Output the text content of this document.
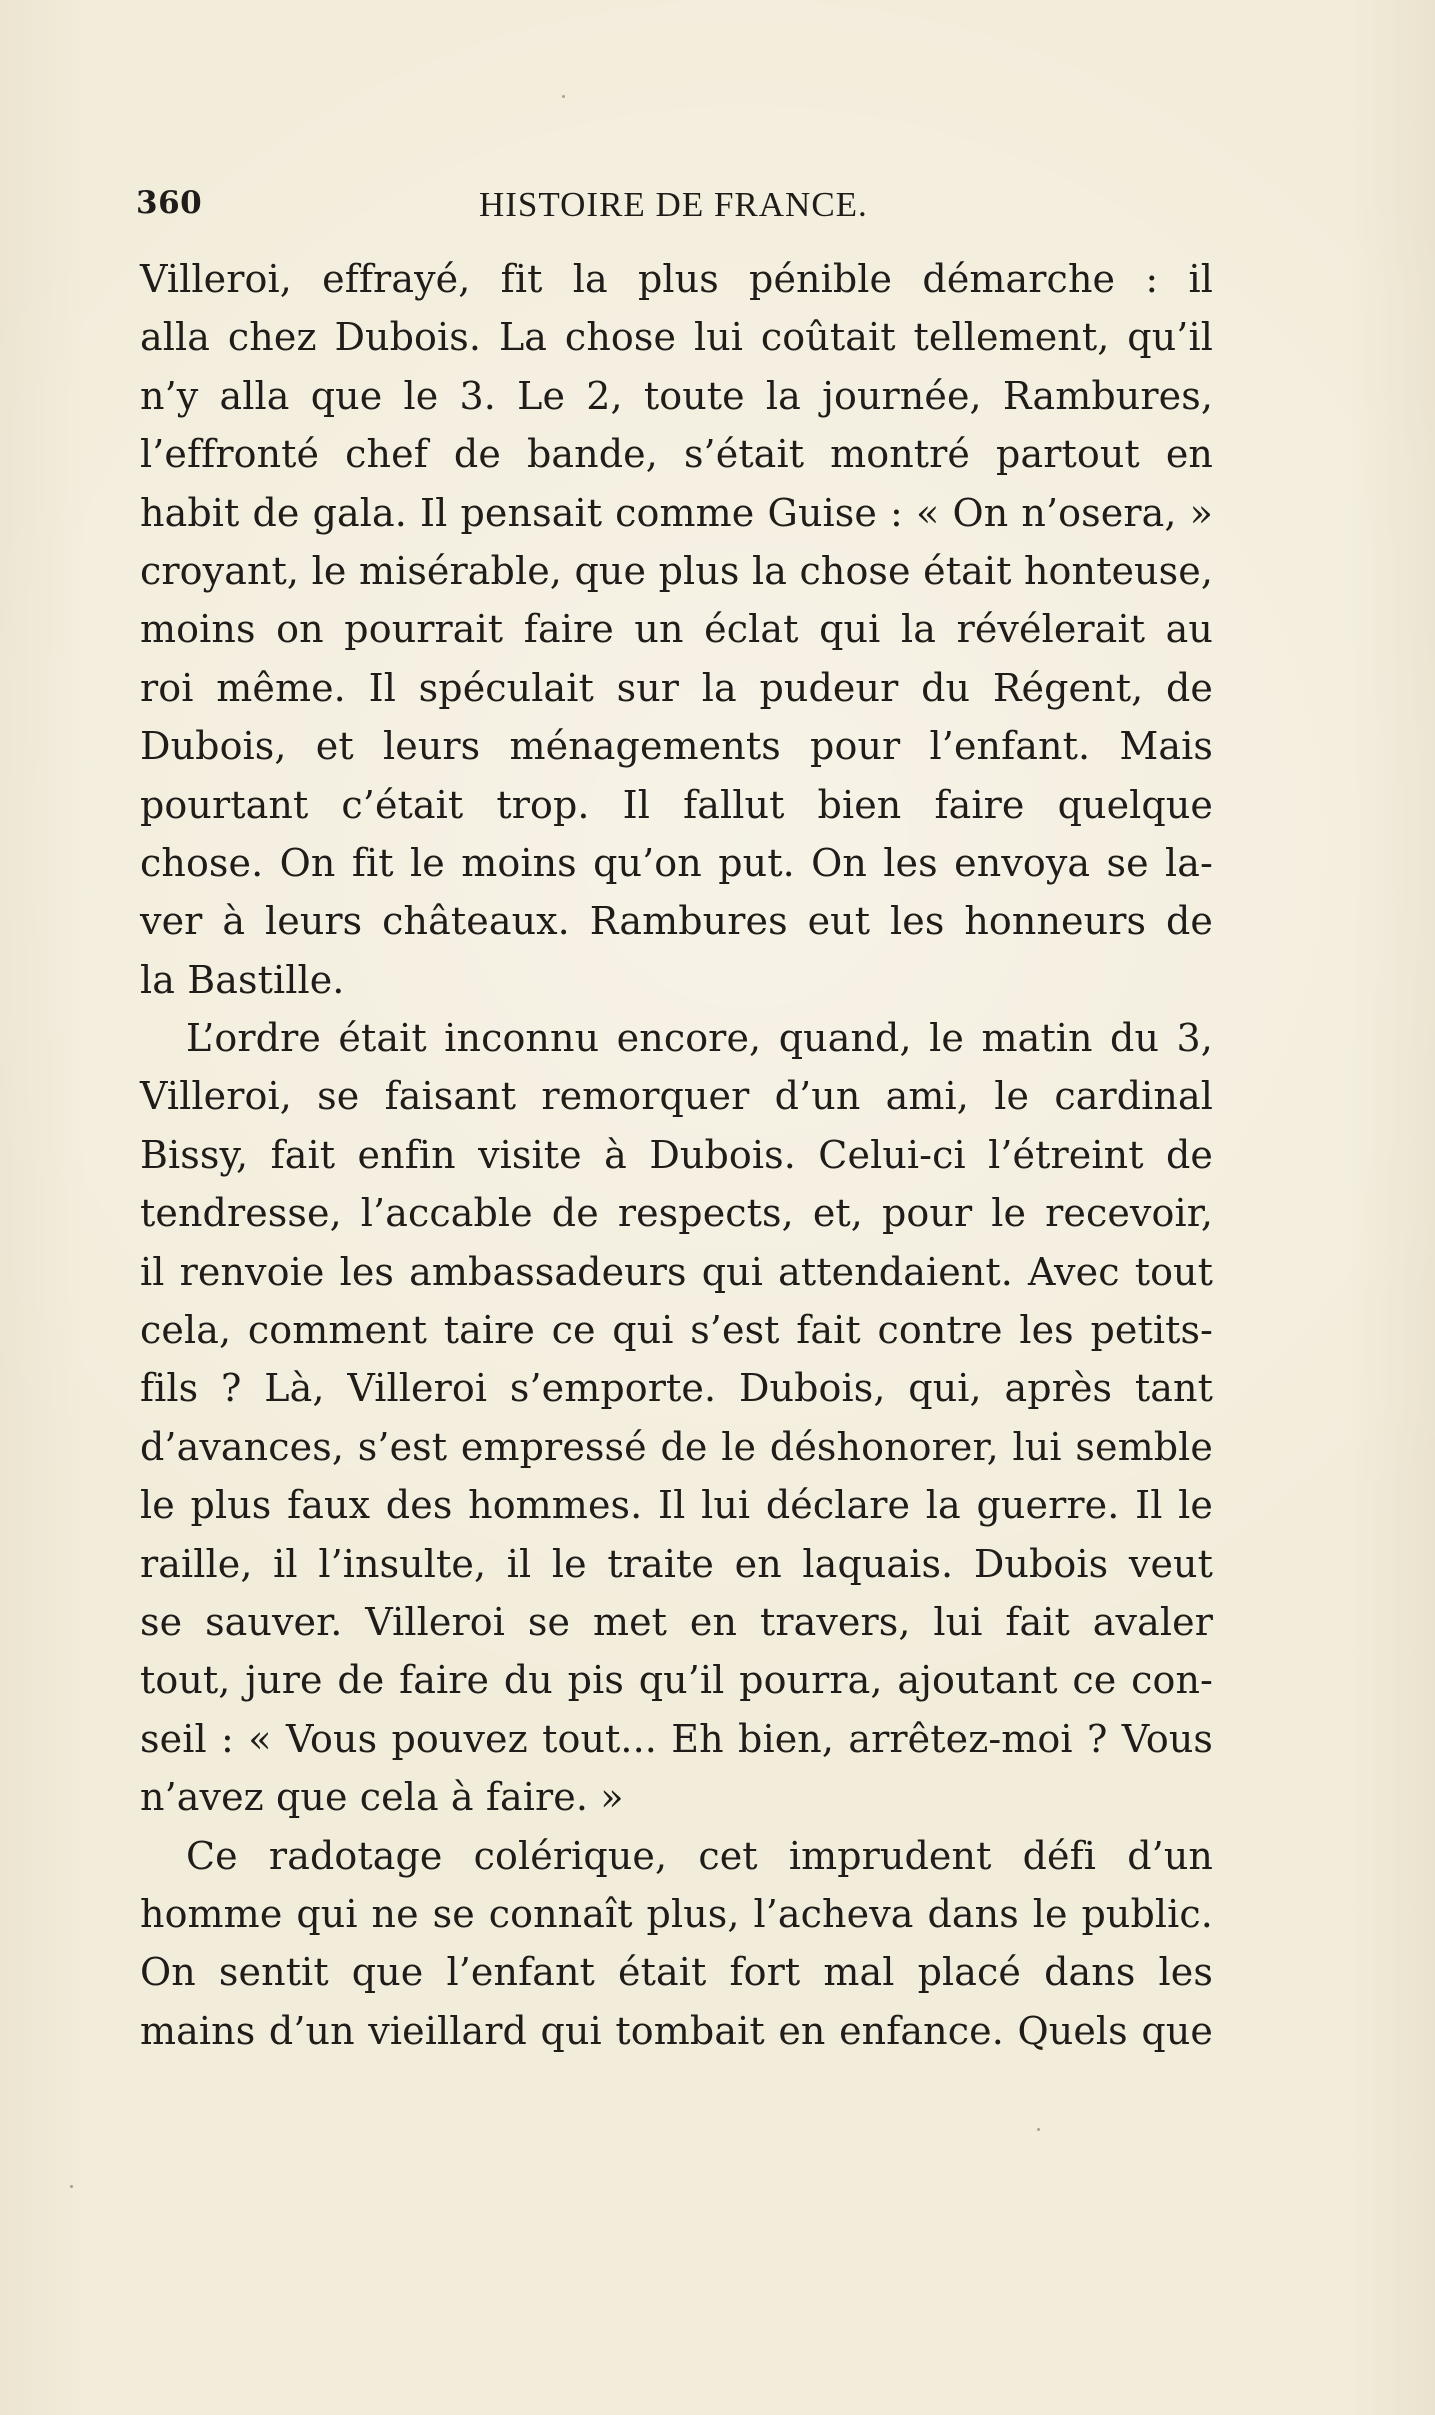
360	HISTOIRE DE FRANCE.
Villeroi, effrayé, fit la plus pénible démarche : il
alla chez Dubois. La chose lui coûtait tellement, qu’il
n’y alla que le 3. Le 2, toute la journée, Rambures,
l’effronté chef de bande, s’était montré partout en
habit de gala. Il pensait comme Guise : « On n’osera, »
croyant, le misérable, que plus la chose était honteuse,
moins on pourrait faire un éclat qui la révélerait au
roi même. Il spéculait sur la pudeur du Régent, de
Dubois, et leurs ménagements pour l’enfant. Mais
pourtant c’était trop. Il fallut bien faire quelque
chose. On fit le moins qu’on put. On les envoya se la-
ver à leurs châteaux. Rambures eut les honneurs de
la Bastille.
L’ordre était inconnu encore, quand, le matin du 3,
Villeroi, se faisant remorquer d’un ami, le cardinal
Bissy, fait enfin visite à Dubois. Celui-ci l’étreint de
tendresse, l’accable de respects, et, pour le recevoir,
il renvoie les ambassadeurs qui attendaient. Avec tout
cela, comment taire ce qui s’est fait contre les petits-
fils ? Là, Villeroi s’emporte. Dubois, qui, après tant
d’avances, s’est empressé de le déshonorer, lui semble
le plus faux des hommes. Il lui déclare la guerre. Il le
raille, il l’insulte, il le traite en laquais. Dubois veut
se sauver. Villeroi se met en travers, lui fait avaler
tout, jure de faire du pis qu’il pourra, ajoutant ce con-
seil : « Vous pouvez tout... Eh bien, arrêtez-moi ? Vous
n’avez que cela à faire. »
Ce radotage colérique, cet imprudent défi d’un
homme qui ne se connaît plus, l’acheva dans le public.
On sentit que l’enfant était fort mal placé dans les
mains d’un vieillard qui tombait en enfance. Quels que
